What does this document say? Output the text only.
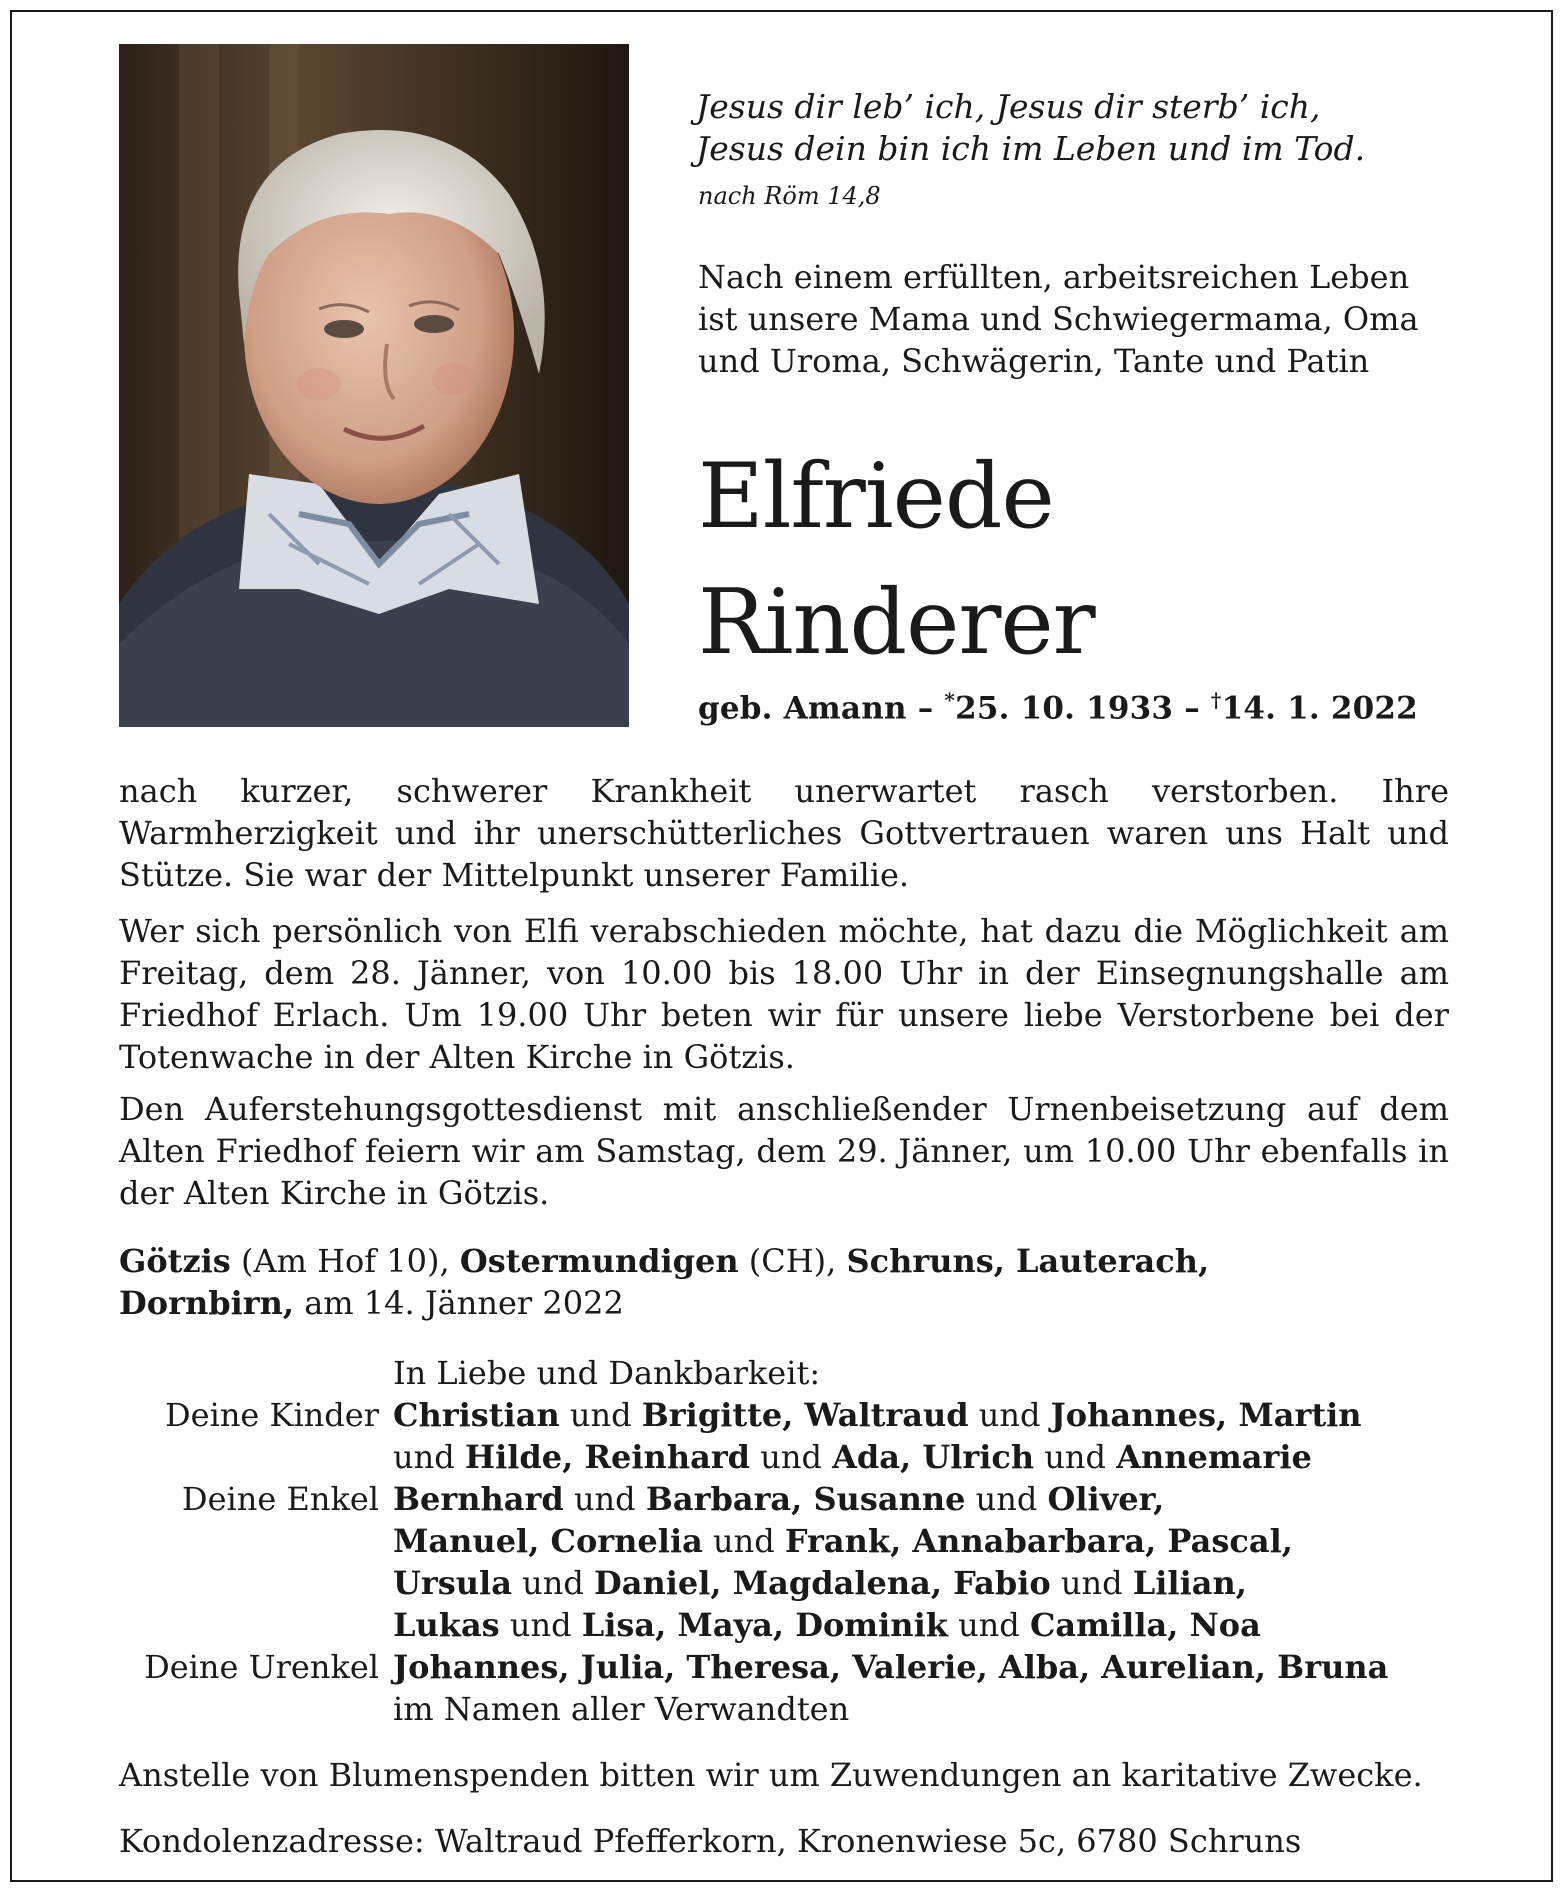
Jesus dir leb’ ich, Jesus dir sterb’ ich,
Jesus dein bin ich im Leben und im Tod.
nach Röm 14,8
Nach einem erfüllten, arbeitsreichen Leben
ist unsere Mama und Schwiegermama, Oma
und Uroma, Schwägerin, Tante und Patin
Elfriede
Rinderer
geb. Amann – *25. 10. 1933 – †14. 1. 2022
nach kurzer, schwerer Krankheit unerwartet rasch verstorben. Ihre Warmherzigkeit und ihr unerschütterliches Gottvertrauen waren uns Halt und Stütze. Sie war der Mittelpunkt unserer Familie.
Wer sich persönlich von Elfi verabschieden möchte, hat dazu die Möglichkeit am Freitag, dem 28. Jänner, von 10.00 bis 18.00 Uhr in der Einsegnungshalle am Friedhof Erlach. Um 19.00 Uhr beten wir für unsere liebe Verstorbene bei der Totenwache in der Alten Kirche in Götzis.
Den Auferstehungsgottesdienst mit anschließender Urnenbeisetzung auf dem Alten Friedhof feiern wir am Samstag, dem 29. Jänner, um 10.00 Uhr ebenfalls in der Alten Kirche in Götzis.
Götzis (Am Hof 10), Ostermundigen (CH), Schruns, Lauterach,
Dornbirn, am 14. Jänner 2022
In Liebe und Dankbarkeit:
Deine Kinder Christian und Brigitte, Waltraud und Johannes, Martin
und Hilde, Reinhard und Ada, Ulrich und Annemarie
Deine Enkel Bernhard und Barbara, Susanne und Oliver,
Manuel, Cornelia und Frank, Annabarbara, Pascal,
Ursula und Daniel, Magdalena, Fabio und Lilian,
Lukas und Lisa, Maya, Dominik und Camilla, Noa
Deine Urenkel Johannes, Julia, Theresa, Valerie, Alba, Aurelian, Bruna
im Namen aller Verwandten
Anstelle von Blumenspenden bitten wir um Zuwendungen an karitative Zwecke.
Kondolenzadresse: Waltraud Pfefferkorn, Kronenwiese 5c, 6780 Schruns
